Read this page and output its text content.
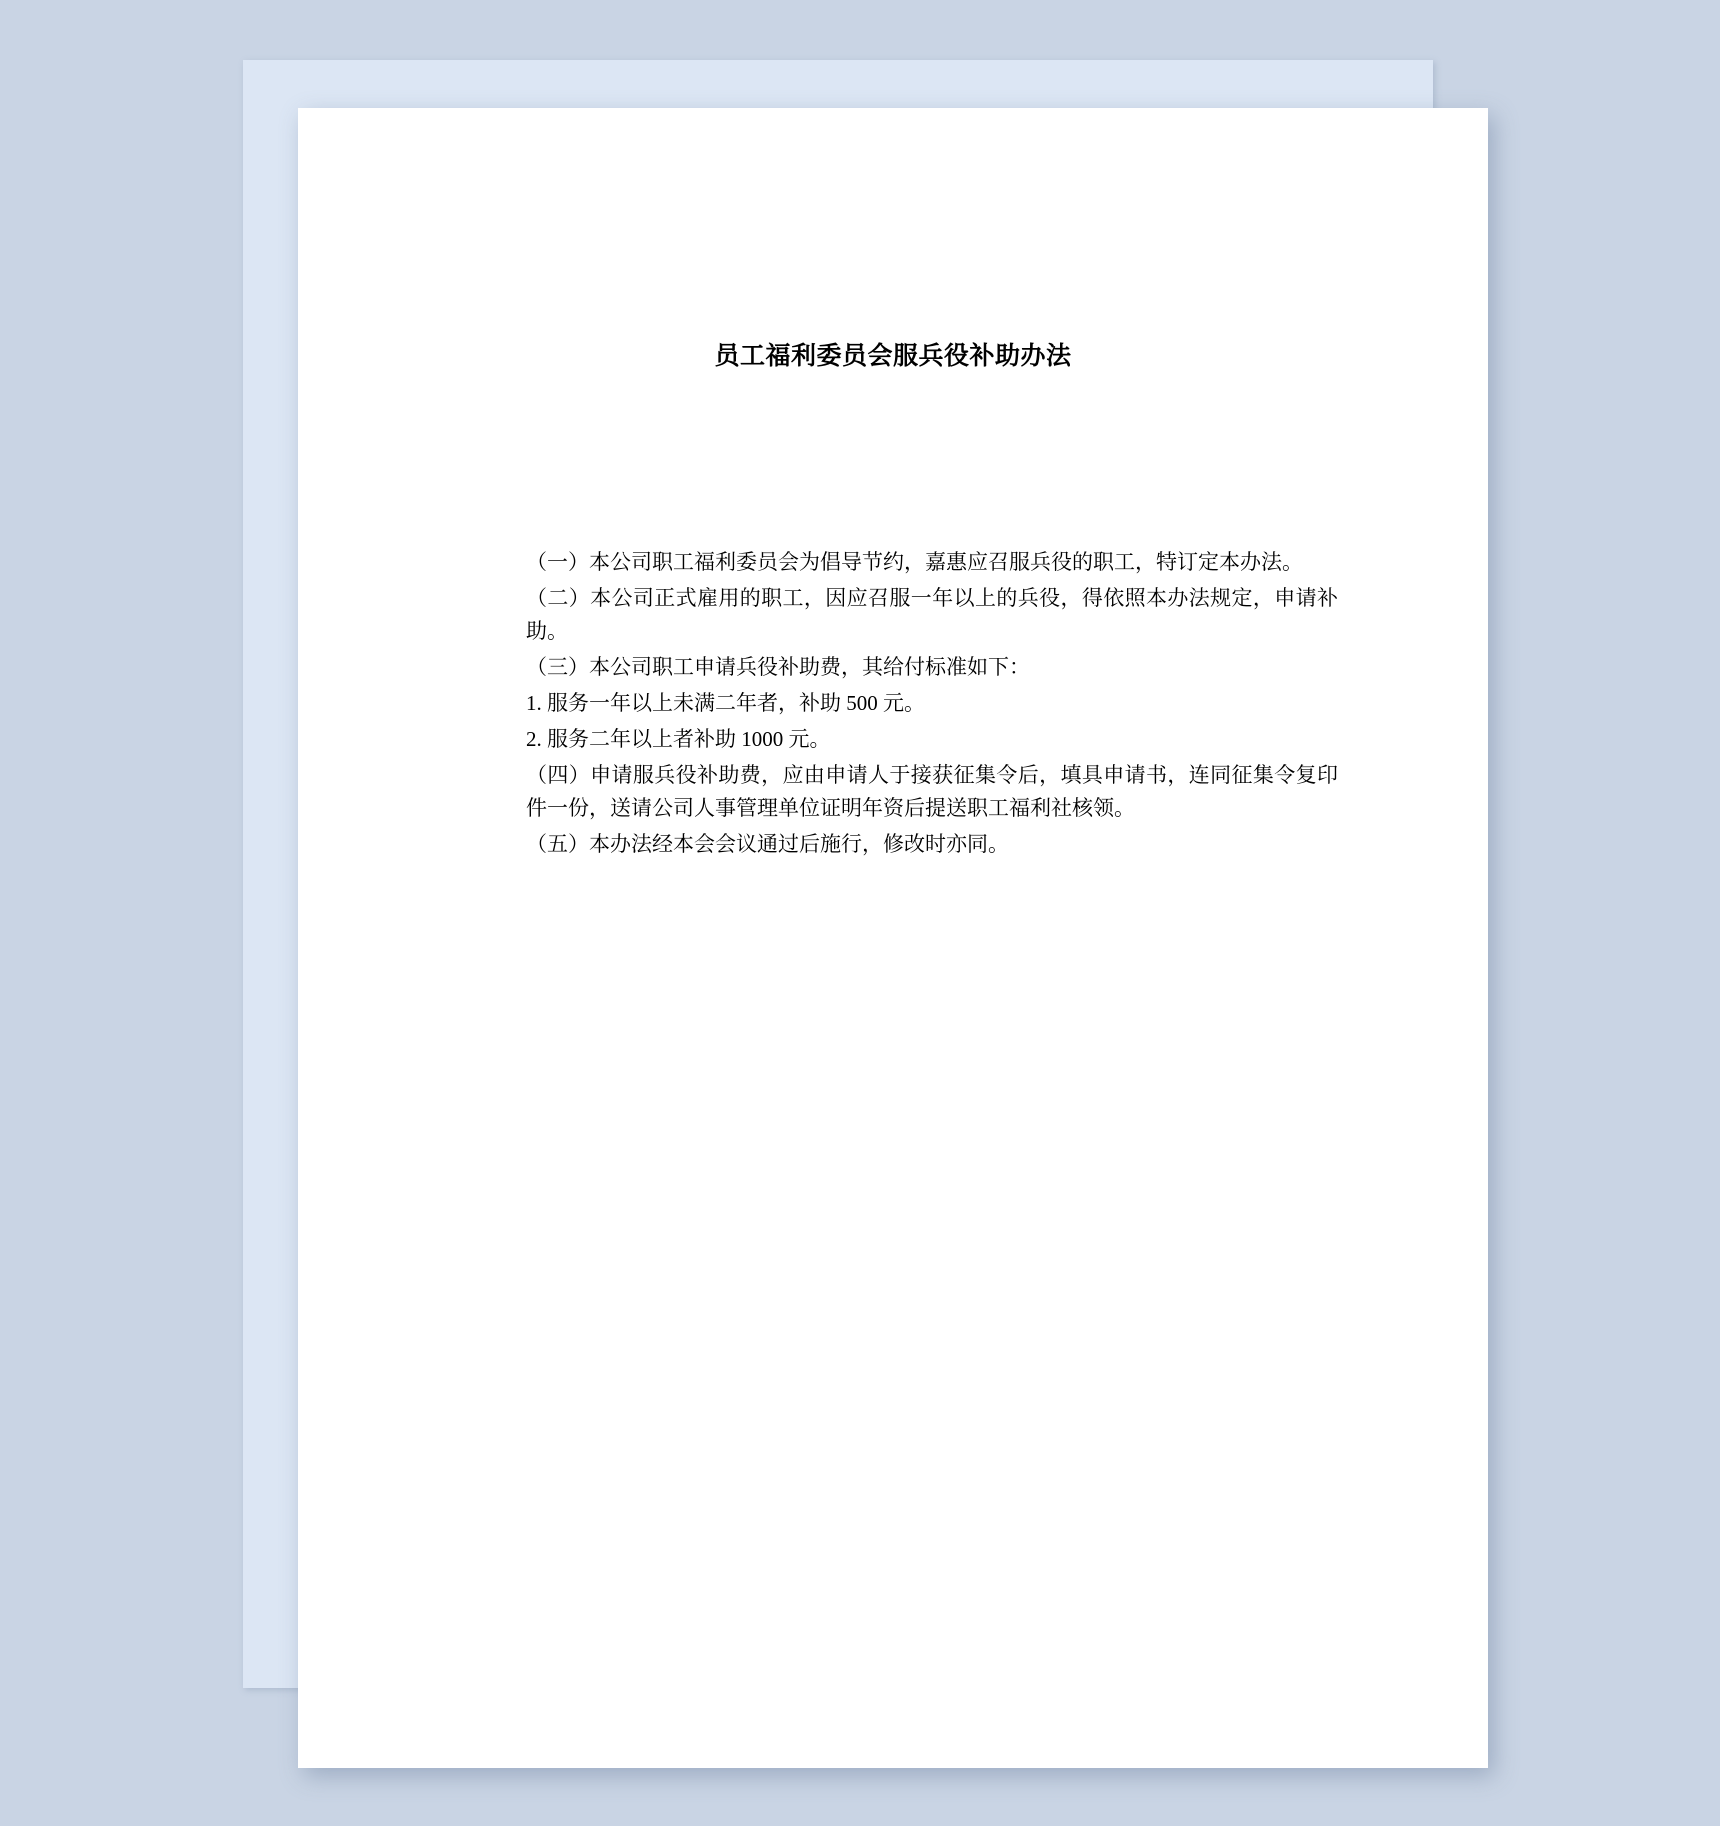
员工福利委员会服兵役补助办法

（一）本公司职工福利委员会为倡导节约，嘉惠应召服兵役的职工，特订定本办法。

（二）本公司正式雇用的职工，因应召服一年以上的兵役，得依照本办法规定，申请补助。

（三）本公司职工申请兵役补助费，其给付标准如下：

1. 服务一年以上未满二年者，补助 500 元。

2. 服务二年以上者补助 1000 元。

（四）申请服兵役补助费，应由申请人于接获征集令后，填具申请书，连同征集令复印件一份，送请公司人事管理单位证明年资后提送职工福利社核领。

（五）本办法经本会会议通过后施行，修改时亦同。
